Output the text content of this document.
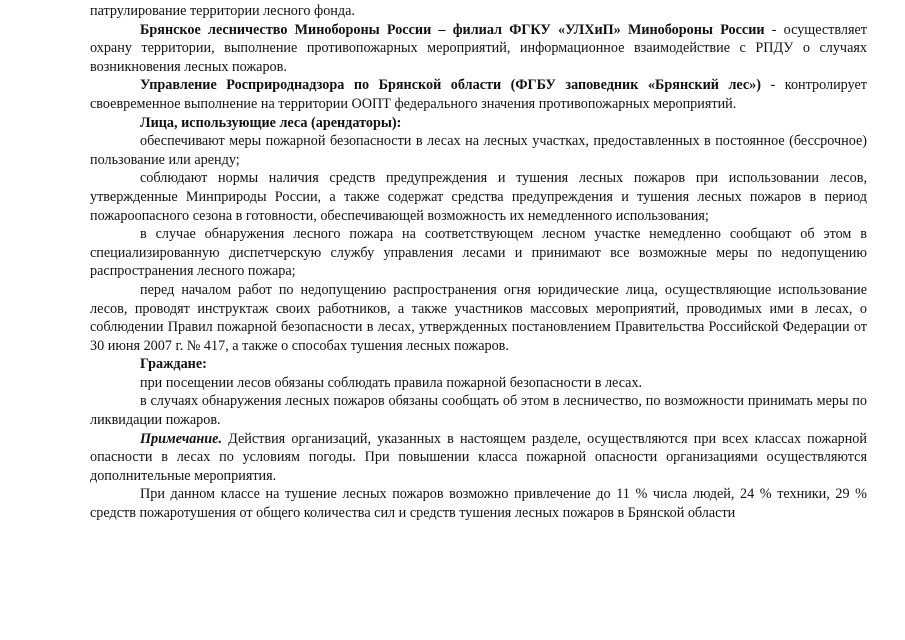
патрулирование территории лесного фонда.

Брянское лесничество Минобороны России – филиал ФГКУ «УЛХиП» Минобороны России - осуществляет охрану территории, выполнение противопожарных мероприятий, информационное взаимодействие с РПДУ о случаях возникновения лесных пожаров.

Управление Росприроднадзора по Брянской области (ФГБУ заповедник «Брянский лес») - контролирует своевременное выполнение на территории ООПТ федерального значения противопожарных мероприятий.

Лица, использующие леса (арендаторы):

обеспечивают меры пожарной безопасности в лесах на лесных участках, предоставленных в постоянное (бессрочное) пользование или аренду;

соблюдают нормы наличия средств предупреждения и тушения лесных пожаров при использовании лесов, утвержденные Минприроды России, а также содержат средства предупреждения и тушения лесных пожаров в период пожароопасного сезона в готовности, обеспечивающей возможность их немедленного использования;

в случае обнаружения лесного пожара на соответствующем лесном участке немедленно сообщают об этом в специализированную диспетчерскую службу управления лесами и принимают все возможные меры по недопущению распространения лесного пожара;

перед началом работ по недопущению распространения огня юридические лица, осуществляющие использование лесов, проводят инструктаж своих работников, а также участников массовых мероприятий, проводимых ими в лесах, о соблюдении Правил пожарной безопасности в лесах, утвержденных постановлением Правительства Российской Федерации от 30 июня 2007 г. № 417, а также о способах тушения лесных пожаров.

Граждане:

при посещении лесов обязаны соблюдать правила пожарной безопасности в лесах.

в случаях обнаружения лесных пожаров обязаны сообщать об этом в лесничество, по возможности принимать меры по ликвидации пожаров.

Примечание. Действия организаций, указанных в настоящем разделе, осуществляются при всех классах пожарной опасности в лесах по условиям погоды. При повышении класса пожарной опасности организациями осуществляются дополнительные мероприятия.

При данном классе на тушение лесных пожаров возможно привлечение до 11 % числа людей, 24 % техники, 29 % средств пожаротушения от общего количества сил и средств тушения лесных пожаров в Брянской области
